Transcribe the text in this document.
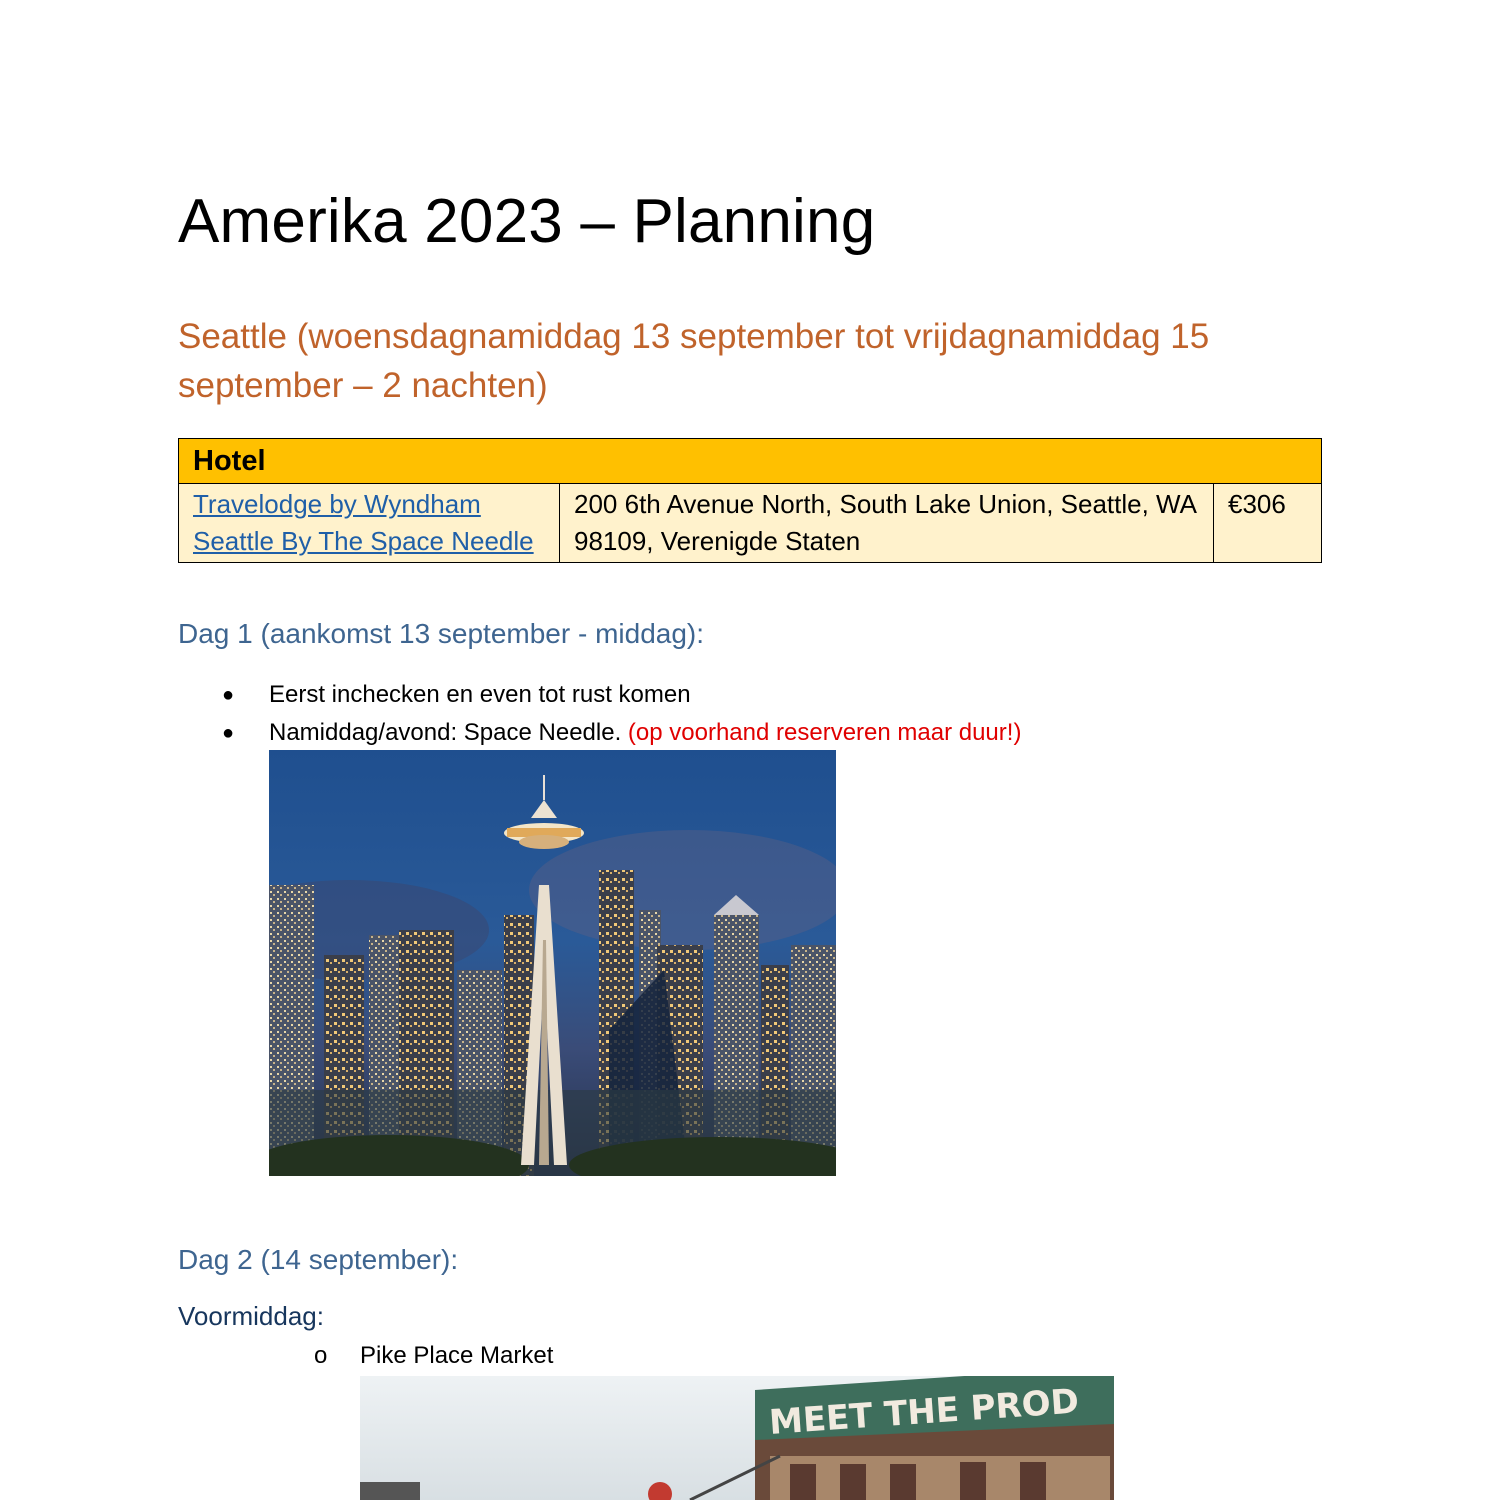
Amerika 2023 – Planning
Seattle (woensdagnamiddag 13 september tot vrijdagnamiddag 15 september – 2 nachten)
Hotel
Travelodge by Wyndham
Seattle By The Space Needle	200 6th Avenue North, South Lake Union, Seattle, WA 98109, Verenigde Staten	€306
Dag 1 (aankomst 13 september - middag):
●	Eerst inchecken en even tot rust komen
●	Namiddag/avond: Space Needle. (op voorhand reserveren maar duur!)
Dag 2 (14 september):
Voormiddag:
o	Pike Place Market
MEET THE PROD
